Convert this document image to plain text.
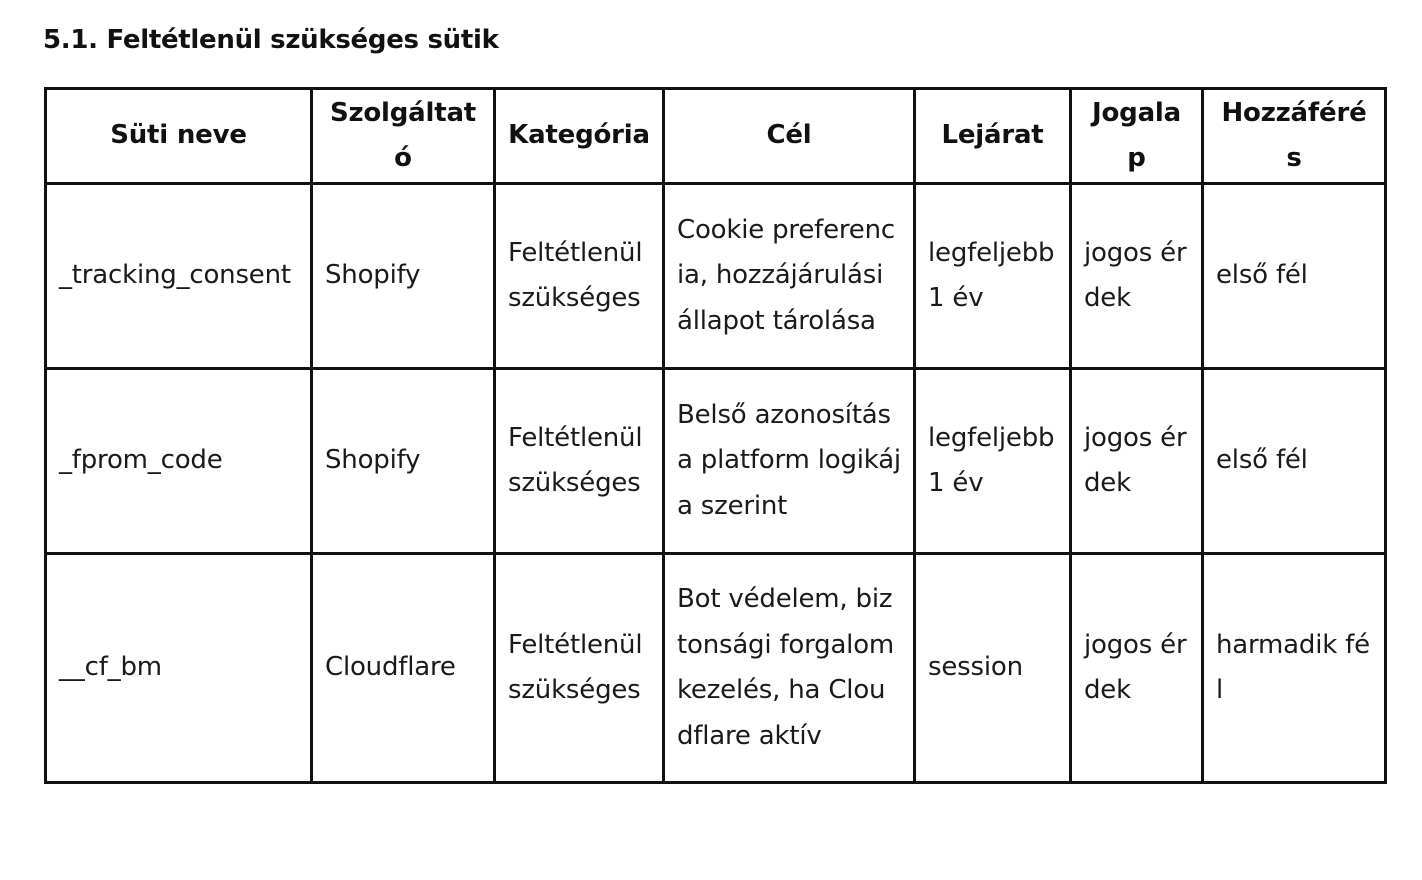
5.1. Feltétlenül szükséges sütik
Süti neve	Szolgáltató	Kategória	Cél	Lejárat	Jogalap	Hozzáférés
_tracking_consent	Shopify	Feltétlenül szükséges	Cookie preferencia, hozzájárulási állapot tárolása	legfeljebb 1 év	jogos érdek	első fél
_fprom_code	Shopify	Feltétlenül szükséges	Belső azonosítás a platform logikája szerint	legfeljebb 1 év	jogos érdek	első fél
__cf_bm	Cloudflare	Feltétlenül szükséges	Bot védelem, biztonsági forgalomkezelés, ha Cloudflare aktív	session	jogos érdek	harmadik fél
